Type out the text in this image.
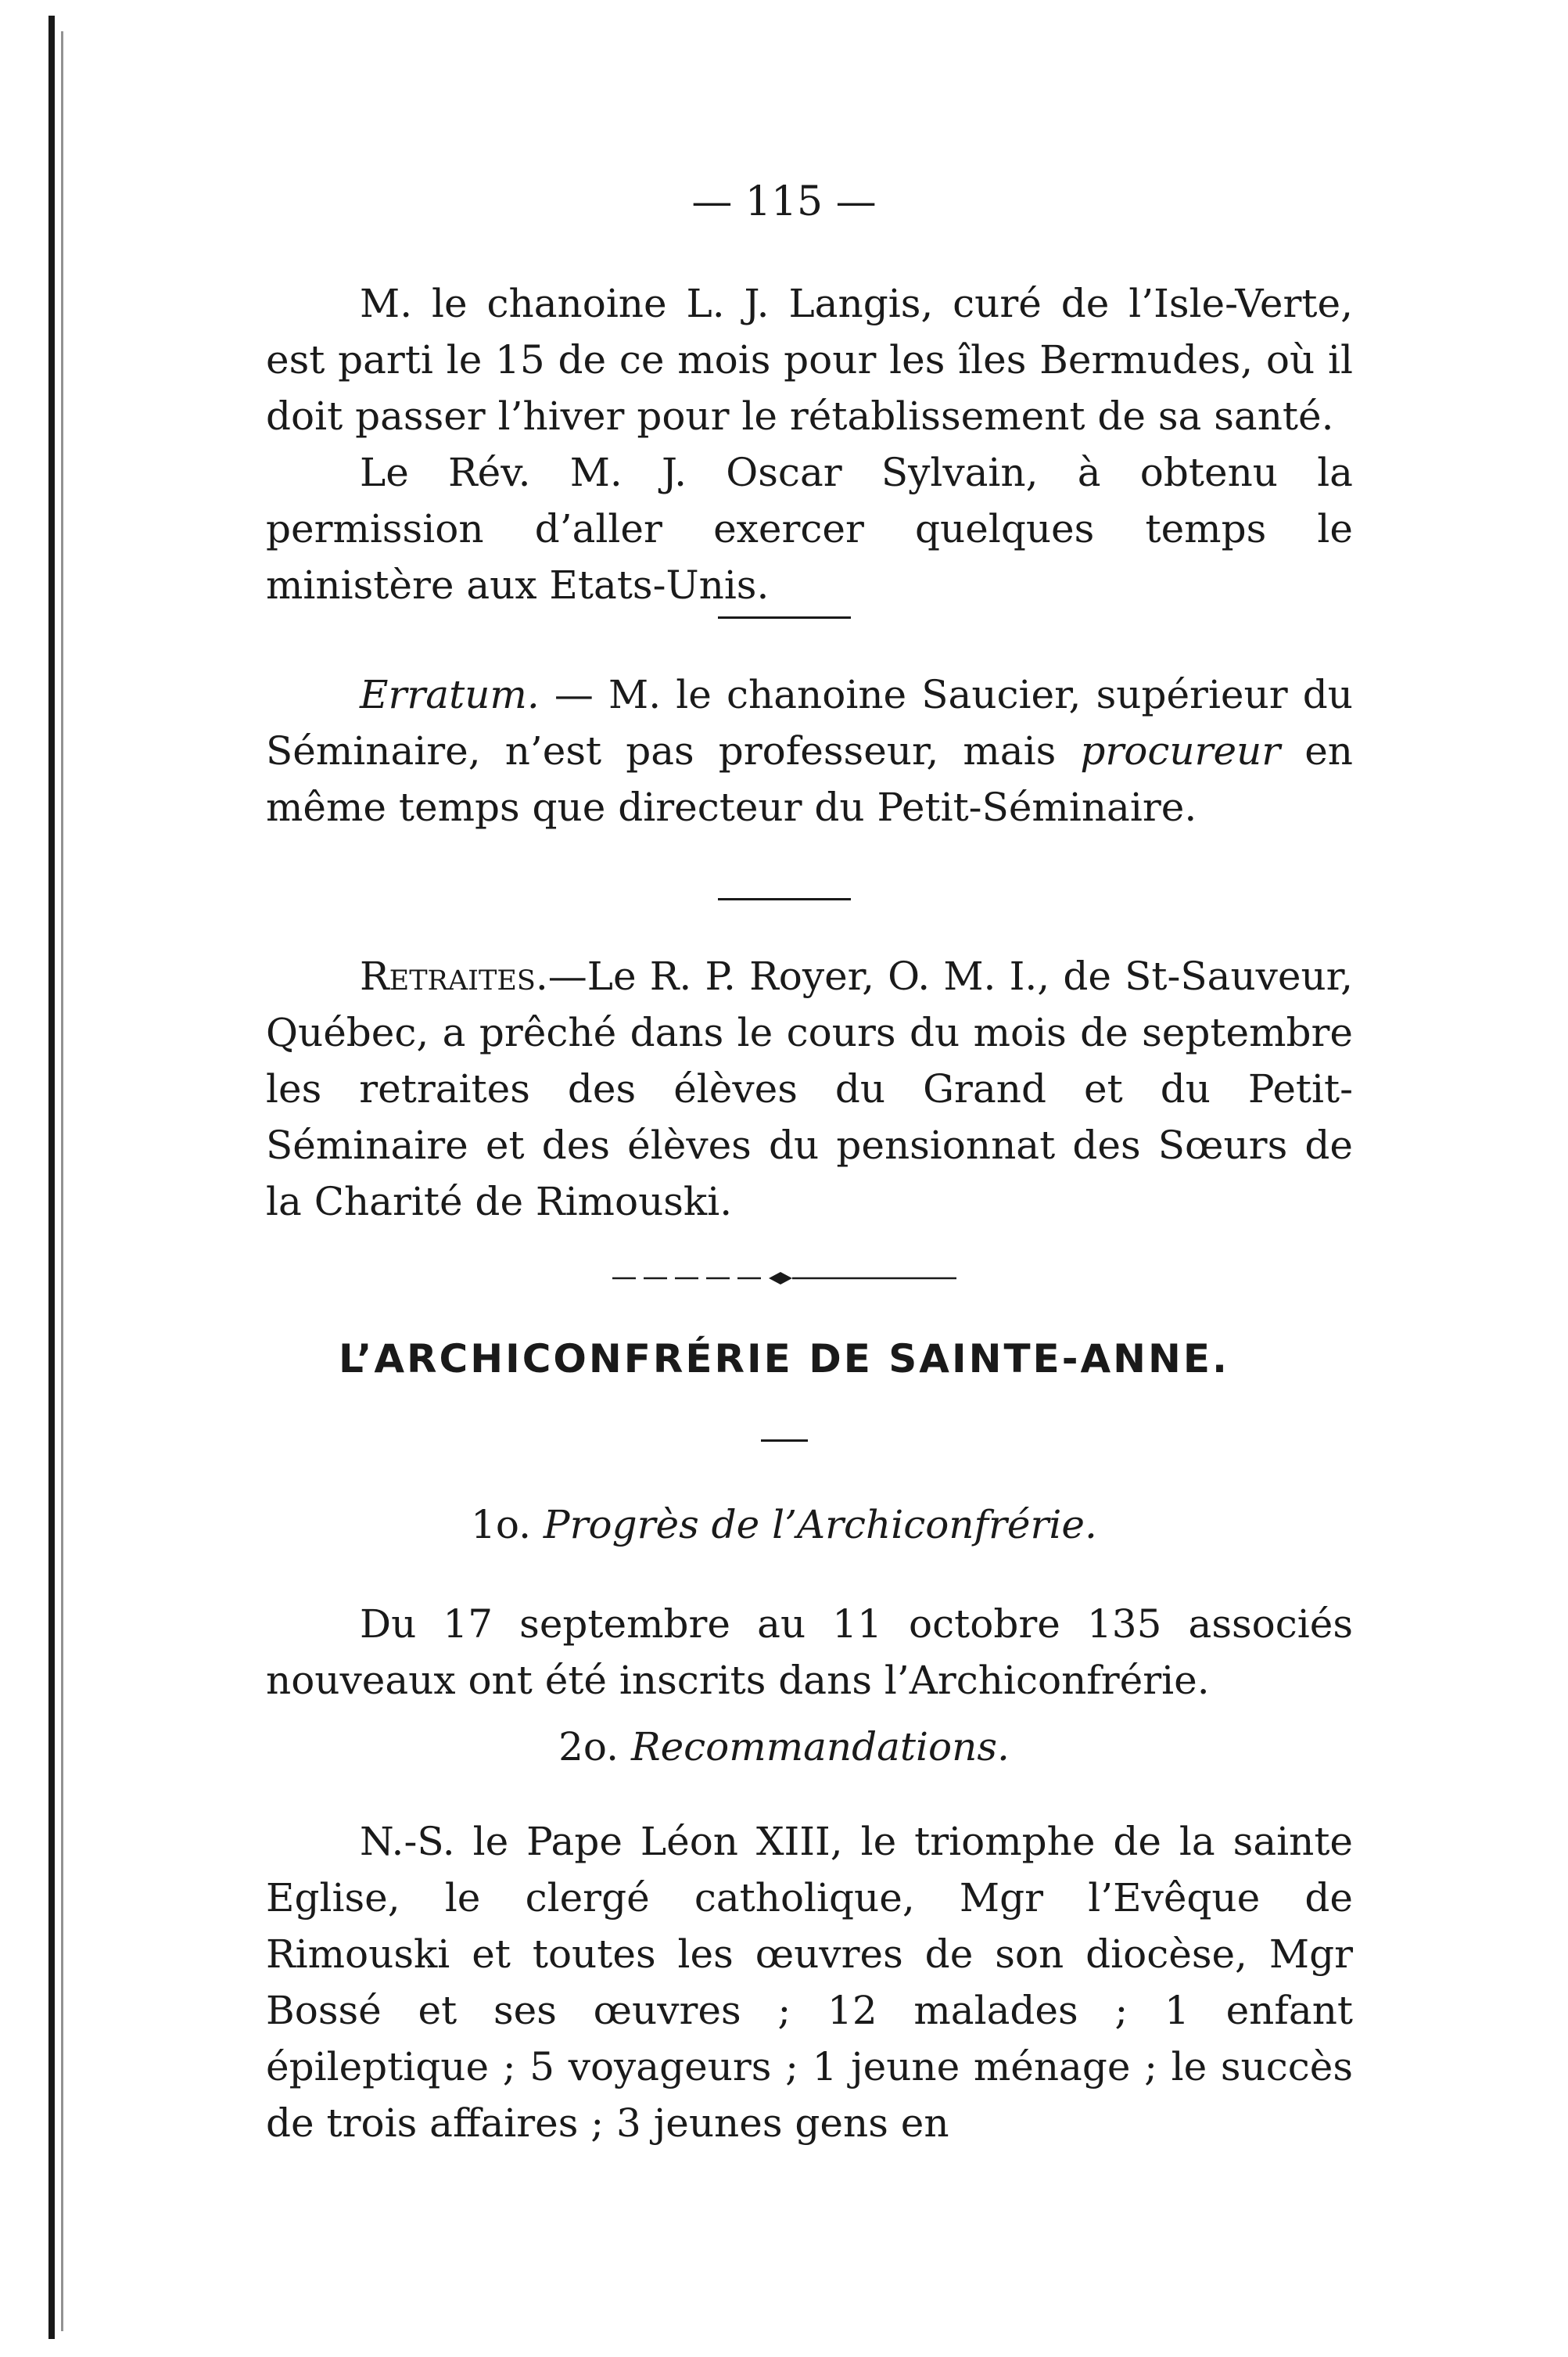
— 115 —
M. le chanoine L. J. Langis, curé de l’Isle-Verte, est parti le 15 de ce mois pour les îles Bermudes, où il doit passer l’hiver pour le rétablissement de sa santé.
Le Rév. M. J. Oscar Sylvain, à obtenu la permission d’aller exercer quelques temps le ministère aux Etats-Unis.
Erratum. — M. le chanoine Saucier, supérieur du Séminaire, n’est pas professeur, mais procureur en même temps que directeur du Petit-Séminaire.
Retraites.—Le R. P. Royer, O. M. I., de St-Sauveur, Québec, a prêché dans le cours du mois de septembre les retraites des élèves du Grand et du Petit-Séminaire et des élèves du pensionnat des Sœurs de la Charité de Rimouski.
L’ARCHICONFRÉRIE DE SAINTE-ANNE.
1o. Progrès de l’Archiconfrérie.
Du 17 septembre au 11 octobre 135 associés nouveaux ont été inscrits dans l’Archiconfrérie.
2o. Recommandations.
N.-S. le Pape Léon XIII, le triomphe de la sainte Eglise, le clergé catholique, Mgr l’Evêque de Rimouski et toutes les œuvres de son diocèse, Mgr Bossé et ses œuvres ; 12 malades ; 1 enfant épileptique ; 5 voyageurs ; 1 jeune ménage ; le succès de trois affaires ; 3 jeunes gens en
